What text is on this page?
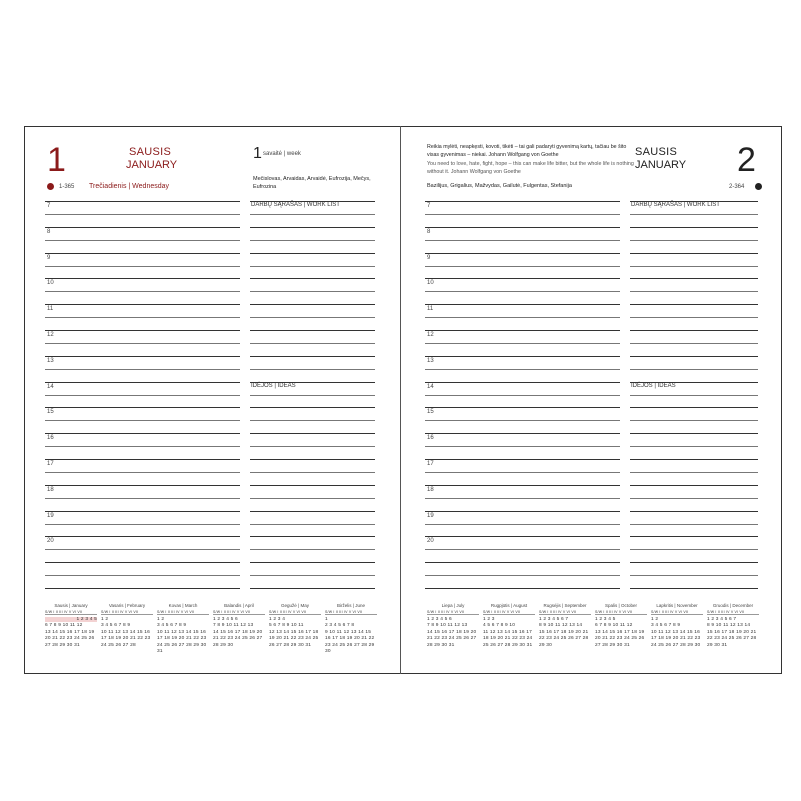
1	SAUSIS
JANUARY
1-365 Trečiadienis | Wednesday
1 savaitė | week
Mečislovas, Arvaidas, Arvaidė, Eufrozija, Mečys, Eufrozina
DARBŲ SĄRAŠAS | WORK LIST
IDĖJOS | IDEAS
7
8
9
10
11
12
13
14
15
16
17
18
19
20
Sausis | January
S/W I II III IV V VI VII
1 2 3 4 5
6 7 8 9 10 11 12
13 14 15 16 17 18 19
20 21 22 23 24 25 26
27 28 29 30 31
Vasaris | February
S/W I II III IV V VI VII
1 2
3 4 5 6 7 8 9
10 11 12 13 14 15 16
17 18 19 20 21 22 23
24 25 26 27 28
Kovas | March
S/W I II III IV V VI VII
1 2
3 4 5 6 7 8 9
10 11 12 13 14 15 16
17 18 19 20 21 22 23
24 25 26 27 28 29 30
31
Balandis | April
S/W I II III IV V VI VII
1 2 3 4 5 6
7 8 9 10 11 12 13
14 15 16 17 18 19 20
21 22 23 24 25 26 27
28 29 30
Gegužė | May
S/W I II III IV V VI VII
1 2 3 4
5 6 7 8 9 10 11
12 13 14 15 16 17 18
19 20 21 22 23 24 25
26 27 28 29 30 31
Birželis | June
S/W I II III IV V VI VII
1
2 3 4 5 6 7 8
9 10 11 12 13 14 15
16 17 18 19 20 21 22
23 24 25 26 27 28 29
30
Reikia mylėti, neapkęsti, kovoti, tikėti – tai gali padaryti gyvenimą kartų, tačiau be šito visas gyvenimas – niekai. Johann Wolfgang von Goethe
You need to love, hate, fight, hope – this can make life bitter, but the whole life is nothing without it. Johann Wolfgang von Goethe
Bazilijus, Grigalius, Mažvydas, Gailutė, Fulgentas, Stefanija
SAUSIS
JANUARY 2
2-364
DARBŲ SĄRAŠAS | WORK LIST
IDĖJOS | IDEAS
7
8
9
10
11
12
13
14
15
16
17
18
19
20
Liepa | July
S/W I II III IV V VI VII
1 2 3 4 5 6
7 8 9 10 11 12 13
14 15 16 17 18 19 20
21 22 23 24 25 26 27
28 29 30 31
Rugpjūtis | August
S/W I II III IV V VI VII
1 2 3
4 5 6 7 8 9 10
11 12 13 14 15 16 17
18 19 20 21 22 23 24
25 26 27 28 29 30 31
Rugsėjis | September
S/W I II III IV V VI VII
1 2 3 4 5 6 7
8 9 10 11 12 13 14
15 16 17 18 19 20 21
22 23 24 25 26 27 28
29 30
Spalis | October
S/W I II III IV V VI VII
1 2 3 4 5
6 7 8 9 10 11 12
13 14 15 16 17 18 19
20 21 22 23 24 25 26
27 28 29 30 31
Lapkritis | November
S/W I II III IV V VI VII
1 2
3 4 5 6 7 8 9
10 11 12 13 14 15 16
17 18 19 20 21 22 23
24 25 26 27 28 29 30
Gruodis | December
S/W I II III IV V VI VII
1 2 3 4 5 6 7
8 9 10 11 12 13 14
15 16 17 18 19 20 21
22 23 24 25 26 27 28
29 30 31
